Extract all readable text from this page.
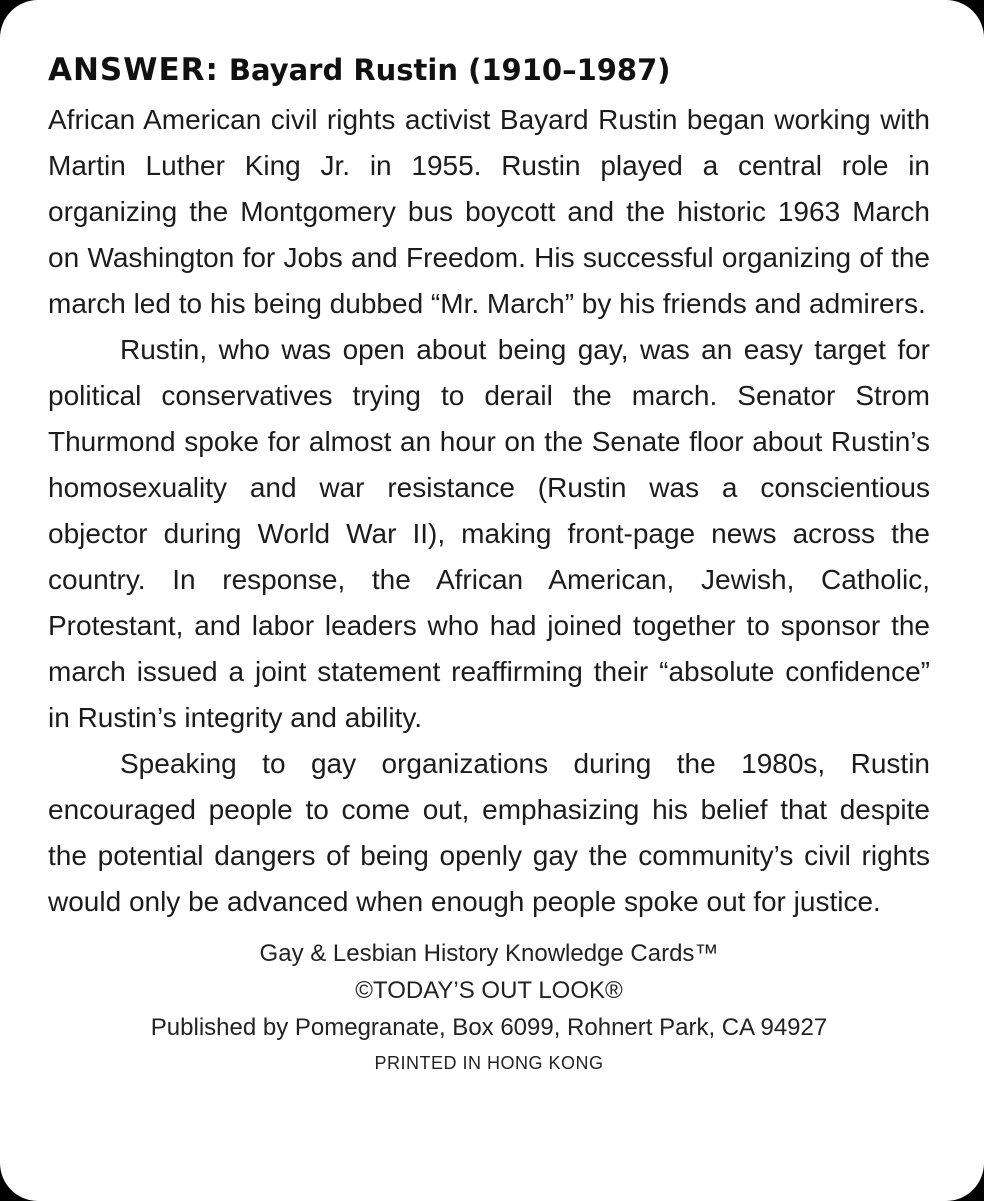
ANSWER: Bayard Rustin (1910–1987)

African American civil rights activist Bayard Rustin began working with Martin Luther King Jr. in 1955. Rustin played a central role in organizing the Montgomery bus boycott and the historic 1963 March on Washington for Jobs and Freedom. His successful organizing of the march led to his being dubbed “Mr. March” by his friends and admirers.

Rustin, who was open about being gay, was an easy target for political conservatives trying to derail the march. Senator Strom Thurmond spoke for almost an hour on the Senate floor about Rustin’s homosexuality and war resistance (Rustin was a conscientious objector during World War II), making front-page news across the country. In response, the African American, Jewish, Catholic, Protestant, and labor leaders who had joined together to sponsor the march issued a joint statement reaffirming their “absolute confidence” in Rustin’s integrity and ability.

Speaking to gay organizations during the 1980s, Rustin encouraged people to come out, emphasizing his belief that despite the potential dangers of being openly gay the community’s civil rights would only be advanced when enough people spoke out for justice.

Gay & Lesbian History Knowledge Cards™
©TODAY’S OUT LOOK®
Published by Pomegranate, Box 6099, Rohnert Park, CA 94927
PRINTED IN HONG KONG
